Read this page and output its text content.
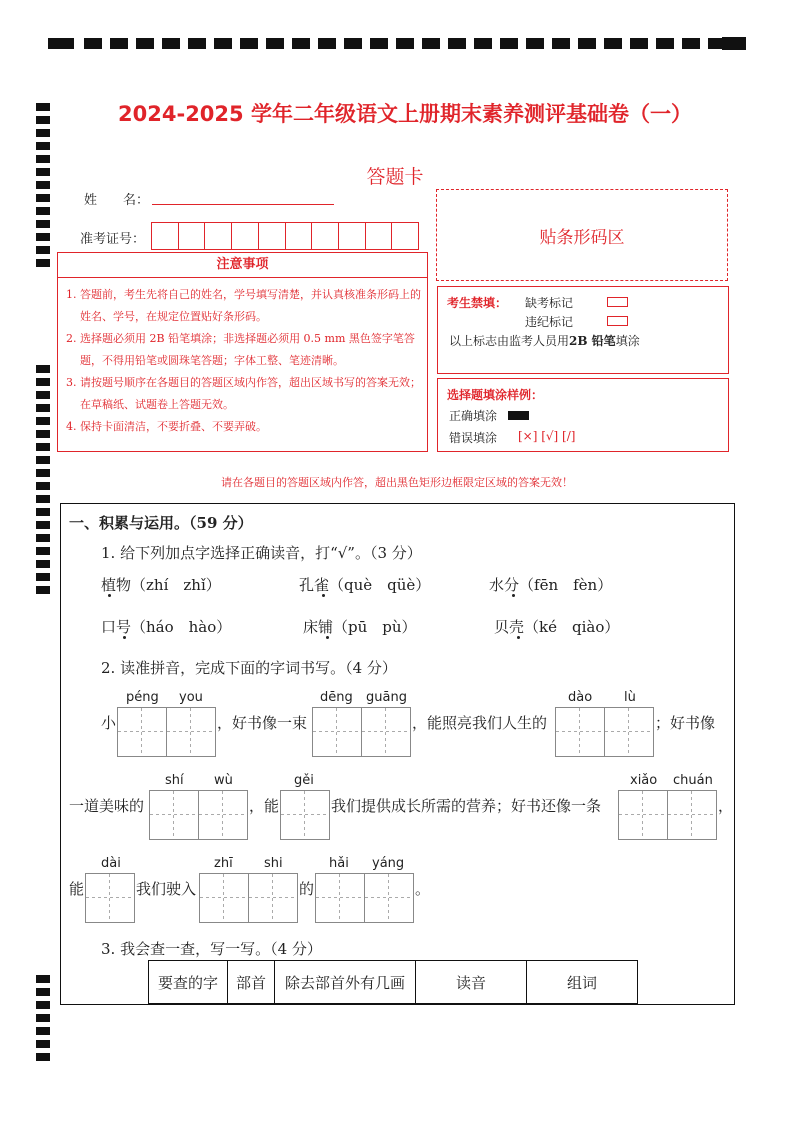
2024-2025 学年二年级语文上册期末素养测评基础卷（一）
答题卡
姓　　名：
准考证号：	贴条形码区
注意事项
1. 答题前，考生先将自己的姓名，学号填写清楚，并认真核准条形码上的姓名、学号，在规定位置贴好条形码。
2. 选择题必须用 2B 铅笔填涂；非选择题必须用 0.5 mm 黑色签字笔答题，不得用铅笔或圆珠笔答题；字体工整、笔迹清晰。
3. 请按题号顺序在各题目的答题区域内作答，超出区域书写的答案无效；在草稿纸、试题卷上答题无效。
4. 保持卡面清洁，不要折叠、不要弄破。
考生禁填： 缺考标记
违纪标记
以上标志由监考人员用2B 铅笔填涂
选择题填涂样例：
正确填涂
错误填涂 [×] [√] [/]
请在各题目的答题区域内作答，超出黑色矩形边框限定区域的答案无效！
一、积累与运用。（59 分）
1. 给下列加点字选择正确读音，打“√”。（3 分）
植物（zhí　zhǐ）	孔雀（què　qüè）	水分（fēn　fèn）
口号（háo　hào）	床铺（pū　pù）	贝壳（ké　qiào）
2. 读准拼音，完成下面的字词书写。（4 分）
péng you	dēng guāng	dào lù
小	，好书像一束	，能照亮我们人生的	；好书像
shí wù	gěi	xiǎo chuán
一道美味的	，能	我们提供成长所需的营养；好书还像一条	，
dài	zhī shi	hǎi yáng
能	我们驶入	的	。
3. 我会查一查，写一写。（4 分）
要查的字	部首	除去部首外有几画	读音	组词
